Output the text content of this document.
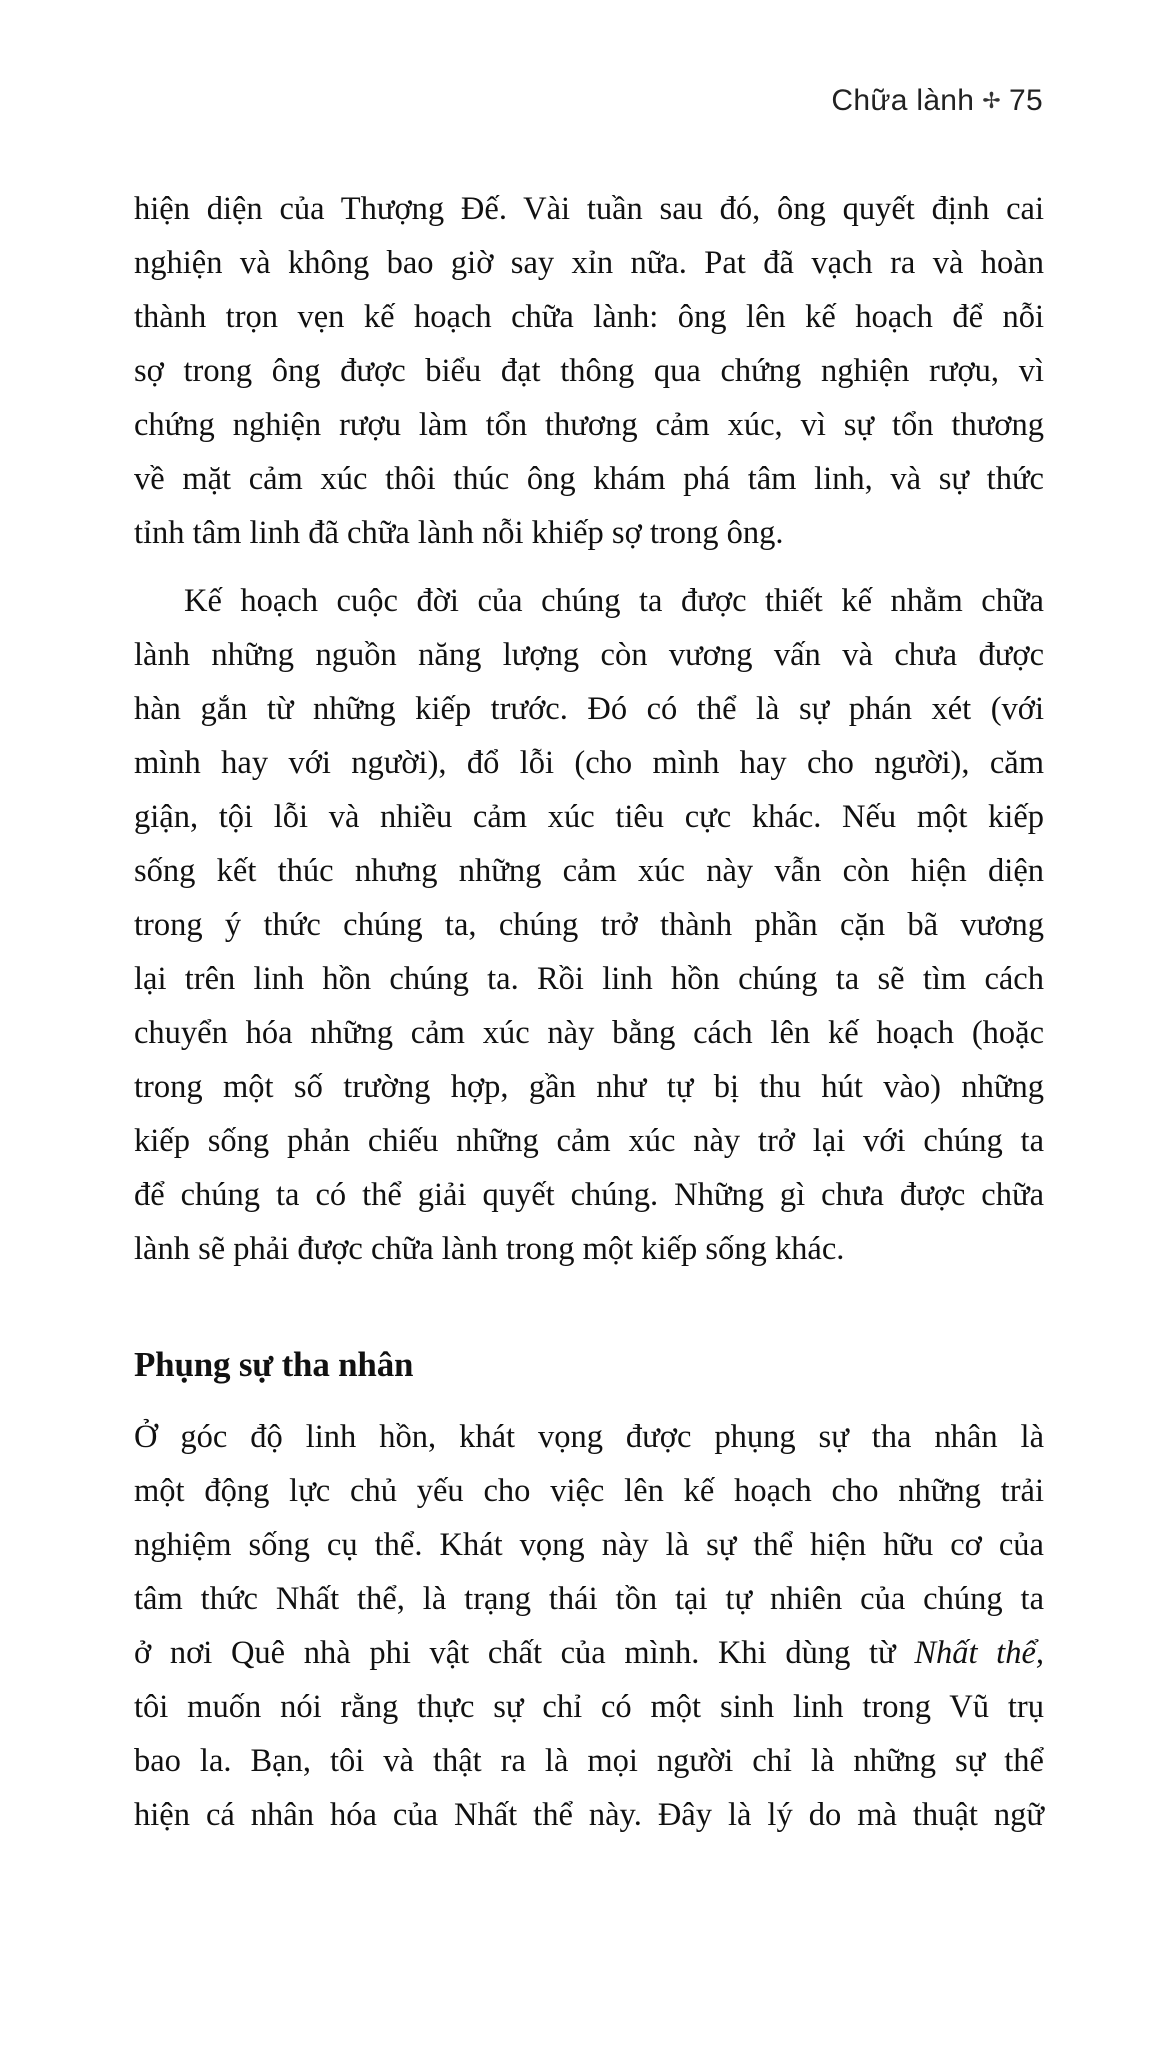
Chữa lành ✢ 75
hiện diện của Thượng Đế. Vài tuần sau đó, ông quyết định cai
nghiện và không bao giờ say xỉn nữa. Pat đã vạch ra và hoàn
thành trọn vẹn kế hoạch chữa lành: ông lên kế hoạch để nỗi
sợ trong ông được biểu đạt thông qua chứng nghiện rượu, vì
chứng nghiện rượu làm tổn thương cảm xúc, vì sự tổn thương
về mặt cảm xúc thôi thúc ông khám phá tâm linh, và sự thức
tỉnh tâm linh đã chữa lành nỗi khiếp sợ trong ông.
Kế hoạch cuộc đời của chúng ta được thiết kế nhằm chữa
lành những nguồn năng lượng còn vương vấn và chưa được
hàn gắn từ những kiếp trước. Đó có thể là sự phán xét (với
mình hay với người), đổ lỗi (cho mình hay cho người), căm
giận, tội lỗi và nhiều cảm xúc tiêu cực khác. Nếu một kiếp
sống kết thúc nhưng những cảm xúc này vẫn còn hiện diện
trong ý thức chúng ta, chúng trở thành phần cặn bã vương
lại trên linh hồn chúng ta. Rồi linh hồn chúng ta sẽ tìm cách
chuyển hóa những cảm xúc này bằng cách lên kế hoạch (hoặc
trong một số trường hợp, gần như tự bị thu hút vào) những
kiếp sống phản chiếu những cảm xúc này trở lại với chúng ta
để chúng ta có thể giải quyết chúng. Những gì chưa được chữa
lành sẽ phải được chữa lành trong một kiếp sống khác.
Phụng sự tha nhân
Ở góc độ linh hồn, khát vọng được phụng sự tha nhân là
một động lực chủ yếu cho việc lên kế hoạch cho những trải
nghiệm sống cụ thể. Khát vọng này là sự thể hiện hữu cơ của
tâm thức Nhất thể, là trạng thái tồn tại tự nhiên của chúng ta
ở nơi Quê nhà phi vật chất của mình. Khi dùng từ Nhất thể,
tôi muốn nói rằng thực sự chỉ có một sinh linh trong Vũ trụ
bao la. Bạn, tôi và thật ra là mọi người chỉ là những sự thể
hiện cá nhân hóa của Nhất thể này. Đây là lý do mà thuật ngữ
